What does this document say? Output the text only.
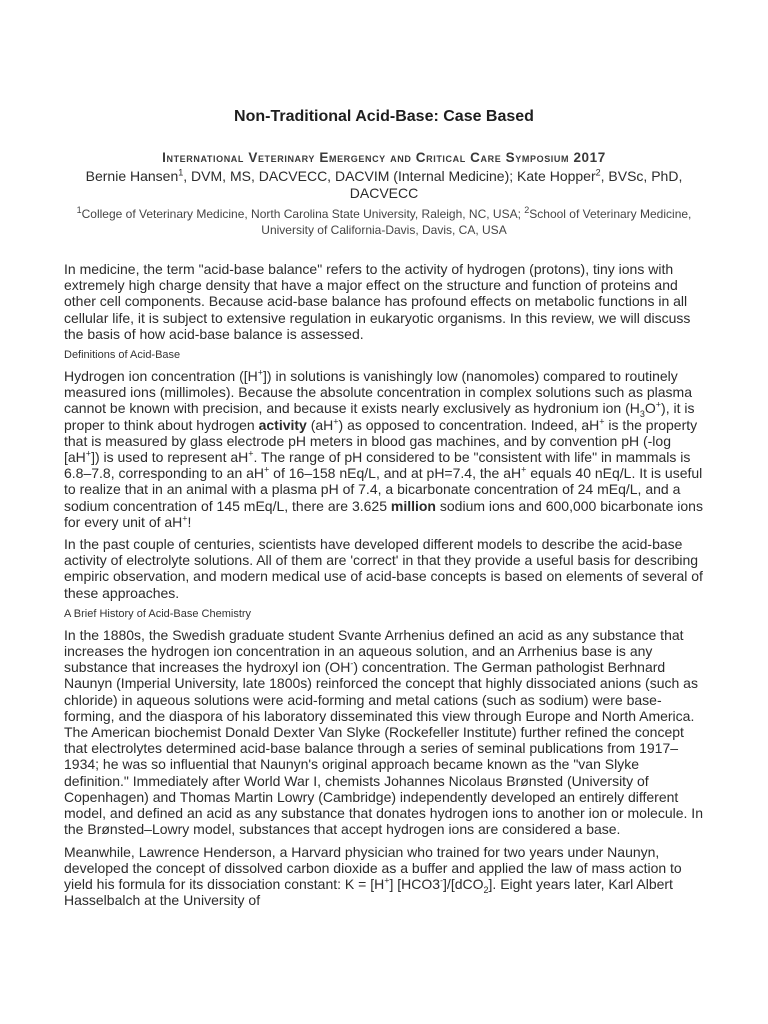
Non-Traditional Acid-Base: Case Based
International Veterinary Emergency and Critical Care Symposium 2017
Bernie Hansen$^1$, DVM, MS, DACVECC, DACVIM (Internal Medicine); Kate Hopper$^2$, BVSc, PhD, DACVECC
$^1$College of Veterinary Medicine, North Carolina State University, Raleigh, NC, USA; $^2$School of Veterinary Medicine, University of California-Davis, Davis, CA, USA

In medicine, the term "acid-base balance" refers to the activity of hydrogen (protons), tiny ions with extremely high charge density that have a major effect on the structure and function of proteins and other cell components. Because acid-base balance has profound effects on metabolic functions in all cellular life, it is subject to extensive regulation in eukaryotic organisms. In this review, we will discuss the basis of how acid-base balance is assessed.

Definitions of Acid-Base

Hydrogen ion concentration ([H+]) in solutions is vanishingly low (nanomoles) compared to routinely measured ions (millimoles). Because the absolute concentration in complex solutions such as plasma cannot be known with precision, and because it exists nearly exclusively as hydronium ion $(H_3O^+)$, it is proper to think about hydrogen activity (aH+) as opposed to concentration. Indeed, aH+ is the property that is measured by glass electrode pH meters in blood gas machines, and by convention pH (-log [aH+]) is used to represent aH+. The range of pH considered to be "consistent with life" in mammals is 6.8–7.8, corresponding to an aH+ of 16–158 nEq/L, and at pH=7.4, the aH+ equals 40 nEq/L. It is useful to realize that in an animal with a plasma pH of 7.4, a bicarbonate concentration of 24 mEq/L, and a sodium concentration of 145 mEq/L, there are 3.625 million sodium ions and 600,000 bicarbonate ions for every unit of aH+!

In the past couple of centuries, scientists have developed different models to describe the acid-base activity of electrolyte solutions. All of them are 'correct' in that they provide a useful basis for describing empiric observation, and modern medical use of acid-base concepts is based on elements of several of these approaches.

A Brief History of Acid-Base Chemistry

In the 1880s, the Swedish graduate student Svante Arrhenius defined an acid as any substance that increases the hydrogen ion concentration in an aqueous solution, and an Arrhenius base is any substance that increases the hydroxyl ion (OH-) concentration. The German pathologist Berhnard Naunyn (Imperial University, late 1800s) reinforced the concept that highly dissociated anions (such as chloride) in aqueous solutions were acid-forming and metal cations (such as sodium) were base-forming, and the diaspora of his laboratory disseminated this view through Europe and North America. The American biochemist Donald Dexter Van Slyke (Rockefeller Institute) further refined the concept that electrolytes determined acid-base balance through a series of seminal publications from 1917–1934; he was so influential that Naunyn's original approach became known as the "van Slyke definition." Immediately after World War I, chemists Johannes Nicolaus Brønsted (University of Copenhagen) and Thomas Martin Lowry (Cambridge) independently developed an entirely different model, and defined an acid as any substance that donates hydrogen ions to another ion or molecule. In the Brønsted–Lowry model, substances that accept hydrogen ions are considered a base.

Meanwhile, Lawrence Henderson, a Harvard physician who trained for two years under Naunyn, developed the concept of dissolved carbon dioxide as a buffer and applied the law of mass action to yield his formula for its dissociation constant: K = [H+] [HCO3-]/[dCO$_2$]. Eight years later, Karl Albert Hasselbalch at the University of
